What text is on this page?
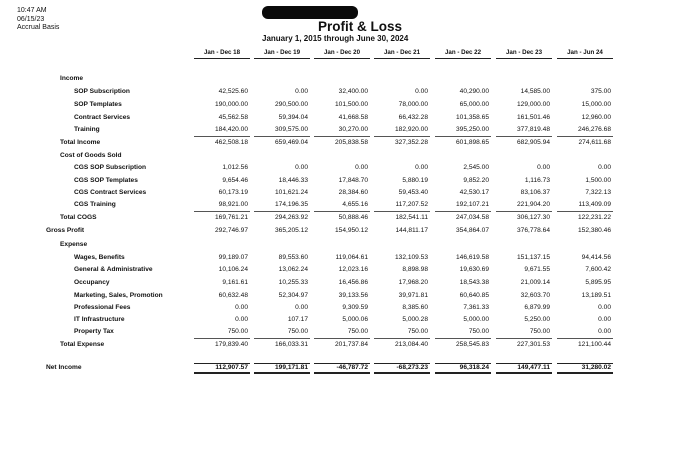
10:47 AM
06/15/23
Accrual Basis	Profit & Loss
January 1, 2015 through June 30, 2024
Jan - Dec 18	Jan - Dec 19	Jan - Dec 20	Jan - Dec 21	Jan - Dec 22	Jan - Dec 23	Jan - Jun 24
Income
SOP Subscription	42,525.60	0.00	32,400.00	0.00	40,290.00	14,585.00	375.00
SOP Templates	190,000.00	290,500.00	101,500.00	78,000.00	65,000.00	129,000.00	15,000.00
Contract Services	45,562.58	59,394.04	41,668.58	66,432.28	101,358.65	161,501.46	12,960.00
Training	184,420.00	309,575.00	30,270.00	182,920.00	395,250.00	377,819.48	246,276.68
Total Income	462,508.18	659,469.04	205,838.58	327,352.28	601,898.65	682,905.94	274,611.68
Cost of Goods Sold
CGS SOP Subscription	1,012.56	0.00	0.00	0.00	2,545.00	0.00	0.00
CGS SOP Templates	9,654.46	18,446.33	17,848.70	5,880.19	9,852.20	1,116.73	1,500.00
CGS Contract Services	60,173.19	101,621.24	28,384.60	59,453.40	42,530.17	83,106.37	7,322.13
CGS Training	98,921.00	174,196.35	4,655.16	117,207.52	192,107.21	221,904.20	113,409.09
Total COGS	169,761.21	294,263.92	50,888.46	182,541.11	247,034.58	306,127.30	122,231.22
Gross Profit	292,746.97	365,205.12	154,950.12	144,811.17	354,864.07	376,778.64	152,380.46
Expense
Wages, Benefits	99,189.07	89,553.60	119,064.61	132,109.53	146,619.58	151,137.15	94,414.56
General & Administrative	10,106.24	13,062.24	12,023.16	8,898.98	19,630.69	9,671.55	7,600.42
Occupancy	9,161.61	10,255.33	16,456.86	17,968.20	18,543.38	21,009.14	5,895.95
Marketing, Sales, Promotion	60,632.48	52,304.97	39,133.56	39,971.81	60,640.85	32,603.70	13,189.51
Professional Fees	0.00	0.00	9,309.59	8,385.60	7,361.33	6,879.99	0.00
IT Infrastructure	0.00	107.17	5,000.06	5,000.28	5,000.00	5,250.00	0.00
Property Tax	750.00	750.00	750.00	750.00	750.00	750.00	0.00
Total Expense	179,839.40	166,033.31	201,737.84	213,084.40	258,545.83	227,301.53	121,100.44
Net Income	112,907.57	199,171.81	-46,787.72	-68,273.23	96,318.24	149,477.11	31,280.02
